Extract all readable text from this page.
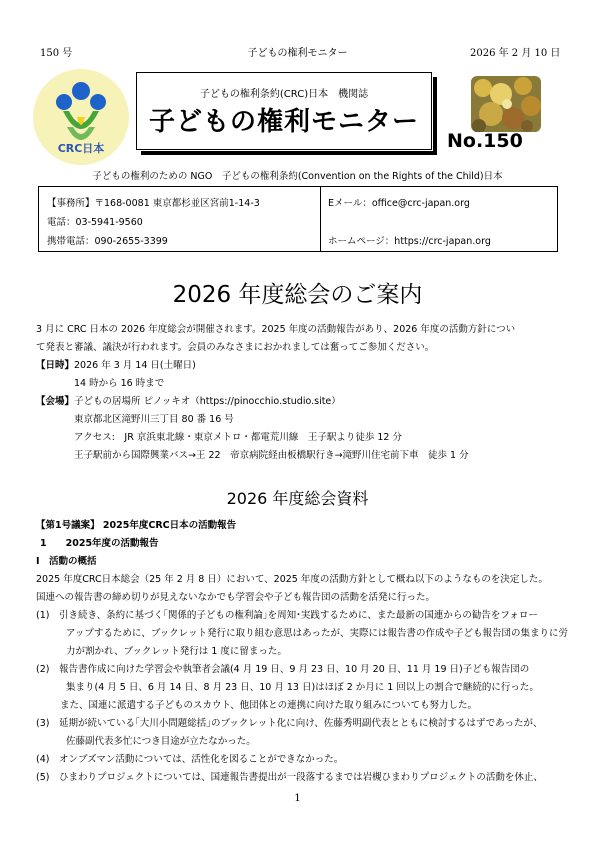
150 号	子どもの権利モニター	2026 年 2 月 10 日
CRC日本
子どもの権利条約(CRC)日本　機関誌
子どもの権利モニター
No.150
子どもの権利のための NGO　子どもの権利条約(Convention on the Rights of the Child)日本
【事務所】〒168-0081 東京都杉並区宮前1-14-3
電話：03-5941-9560
携帯電話：090-2655-3399
Eメール：office@crc-japan.org
ホームページ：https://crc-japan.org
2026 年度総会のご案内
3 月に CRC 日本の 2026 年度総会が開催されます。2025 年度の活動報告があり、2026 年度の活動方針につい
て発表と審議、議決が行われます。会員のみなさまにおかれましては奮ってご参加ください。
【日時】 2026 年 3 月 14 日(土曜日)
14 時から 16 時まで
【会場】 子どもの居場所 ピノッキオ（https://pinocchio.studio.site）
東京都北区滝野川三丁目 80 番 16 号
アクセス:　JR 京浜東北線・東京メトロ・都電荒川線　王子駅より徒歩 12 分
王子駅前から国際興業バス→王 22　帝京病院経由板橋駅行き→滝野川住宅前下車　徒歩 1 分
2026 年度総会資料
【第1号議案】 2025年度CRC日本の活動報告
1　　2025年度の活動報告
Ⅰ　活動の概括
2025 年度CRC日本総会（25 年 2 月 8 日）において、2025 年度の活動方針として概ね以下のようなものを決定した。
国連への報告書の締め切りが見えないなかでも学習会や子ども報告団の活動を活発に行った。
(1)　引き続き、条約に基づく｢関係的子どもの権利論｣を周知･実践するために、また最新の国連からの勧告をフォロー
アップするために、ブックレット発行に取り組む意思はあったが、実際には報告書の作成や子ども報告団の集まりに労
力が割かれ、ブックレット発行は 1 度に留まった。
(2)　報告書作成に向けた学習会や執筆者会議(4 月 19 日、9 月 23 日、10 月 20 日、11 月 19 日)子ども報告団の
集まり(4 月 5 日、6 月 14 日、8 月 23 日、10 月 13 日)はほぼ 2 か月に 1 回以上の割合で継続的に行った。
また、国連に派遣する子どものスカウト、他団体との連携に向けた取り組みについても努力した。
(3)　延期が続いている｢大川小問題総括｣のブックレット化に向け、佐藤秀明副代表とともに検討するはずであったが、
佐藤副代表多忙につき目途が立たなかった。
(4)　オンブズマン活動については、活性化を図ることができなかった。
(5)　ひまわりプロジェクトについては、国連報告書提出が一段落するまでは岩槻ひまわりプロジェクトの活動を休止、
1
